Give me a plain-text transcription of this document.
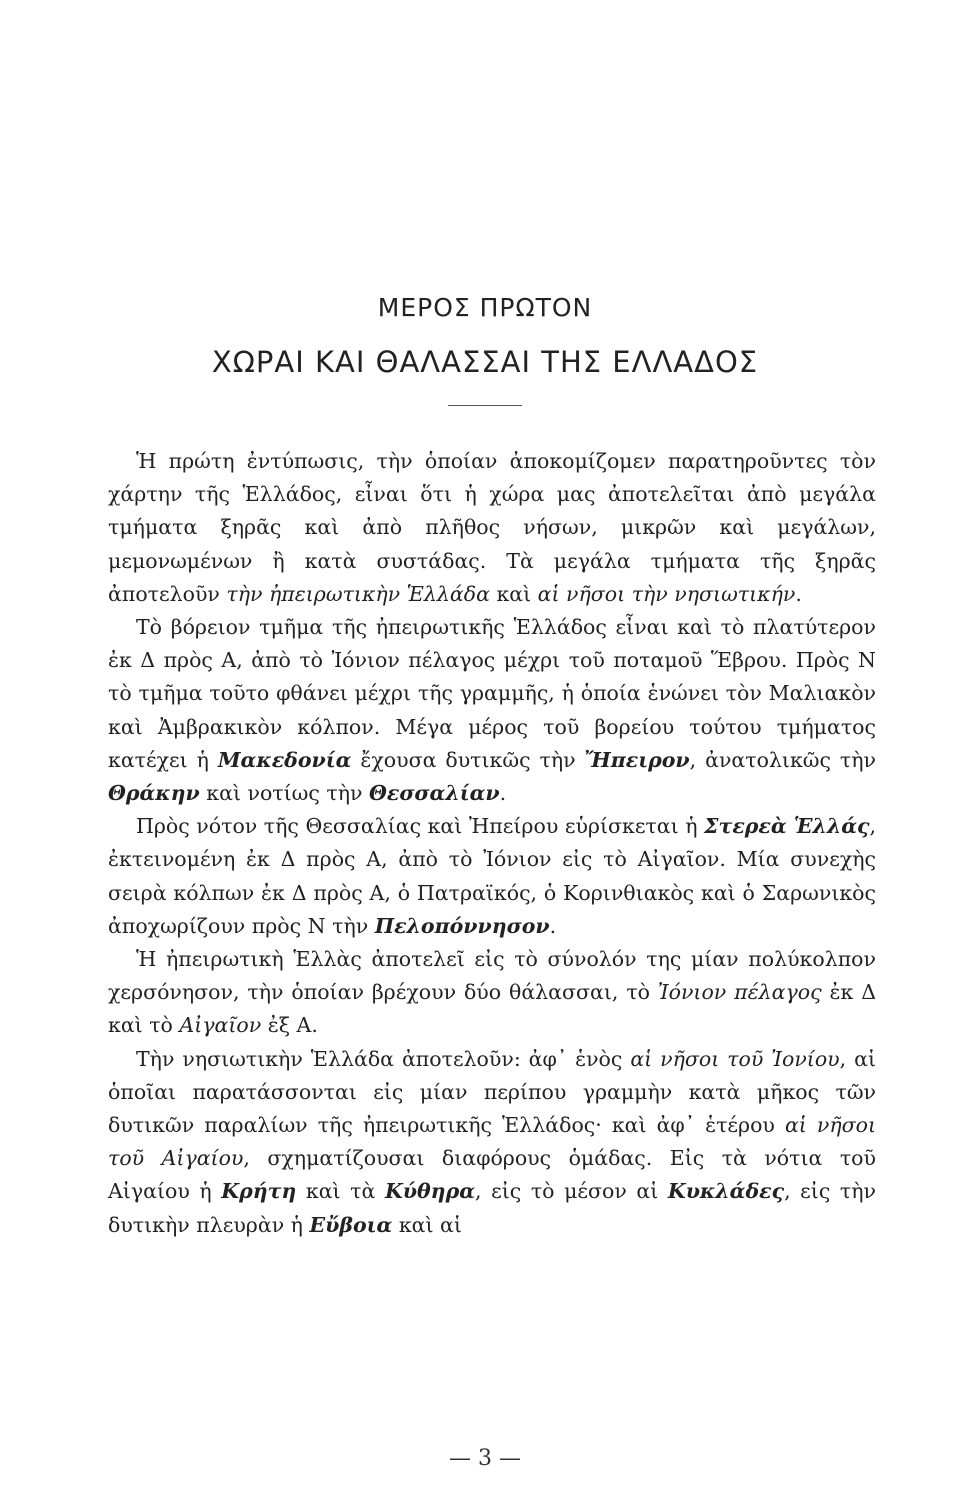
ΜΕΡΟΣ ΠΡΩΤΟΝ
ΧΩΡΑΙ ΚΑΙ ΘΑΛΑΣΣΑΙ ΤΗΣ ΕΛΛΑΔΟΣ

Ἡ πρώτη ἐντύπωσις, τὴν ὁποίαν ἀποκομίζομεν παρατηροῦντες τὸν χάρτην τῆς Ἑλλάδος, εἶναι ὅτι ἡ χώρα μας ἀποτελεῖται ἀπὸ μεγάλα τμήματα ξηρᾶς καὶ ἀπὸ πλῆθος νήσων, μικρῶν καὶ μεγάλων, μεμονωμένων ἢ κατὰ συστάδας. Τὰ μεγάλα τμήματα τῆς ξηρᾶς ἀποτελοῦν τὴν ἠπειρωτικὴν Ἑλλάδα καὶ αἱ νῆσοι τὴν νησιωτικήν.

Τὸ βόρειον τμῆμα τῆς ἠπειρωτικῆς Ἑλλάδος εἶναι καὶ τὸ πλατύτερον ἐκ Δ πρὸς Α, ἀπὸ τὸ Ἰόνιον πέλαγος μέχρι τοῦ ποταμοῦ Ἕβρου. Πρὸς Ν τὸ τμῆμα τοῦτο φθάνει μέχρι τῆς γραμμῆς, ἡ ὁποία ἑνώνει τὸν Μαλιακὸν καὶ Ἀμβρακικὸν κόλπον. Μέγα μέρος τοῦ βορείου τούτου τμήματος κατέχει ἡ Μακεδονία ἔχουσα δυτικῶς τὴν Ἤπειρον, ἀνατολικῶς τὴν Θράκην καὶ νοτίως τὴν Θεσσαλίαν.

Πρὸς νότον τῆς Θεσσαλίας καὶ Ἠπείρου εὑρίσκεται ἡ Στερεὰ Ἑλλάς, ἐκτεινομένη ἐκ Δ πρὸς Α, ἀπὸ τὸ Ἰόνιον εἰς τὸ Αἰγαῖον. Μία συνεχὴς σειρὰ κόλπων ἐκ Δ πρὸς Α, ὁ Πατραϊκός, ὁ Κορινθιακὸς καὶ ὁ Σαρωνικὸς ἀποχωρίζουν πρὸς Ν τὴν Πελοπόννησον.

Ἡ ἠπειρωτικὴ Ἑλλὰς ἀποτελεῖ εἰς τὸ σύνολόν της μίαν πολύκολπον χερσόνησον, τὴν ὁποίαν βρέχουν δύο θάλασσαι, τὸ Ἰόνιον πέλαγος ἐκ Δ καὶ τὸ Αἰγαῖον ἐξ Α.

Τὴν νησιωτικὴν Ἑλλάδα ἀποτελοῦν: ἀφ᾽ ἑνὸς αἱ νῆσοι τοῦ Ἰονίου, αἱ ὁποῖαι παρατάσσονται εἰς μίαν περίπου γραμμὴν κατὰ μῆκος τῶν δυτικῶν παραλίων τῆς ἠπειρωτικῆς Ἑλλάδος· καὶ ἀφ᾽ ἑτέρου αἱ νῆσοι τοῦ Αἰγαίου, σχηματίζουσαι διαφόρους ὁμάδας. Εἰς τὰ νότια τοῦ Αἰγαίου ἡ Κρήτη καὶ τὰ Κύθηρα, εἰς τὸ μέσον αἱ Κυκλάδες, εἰς τὴν δυτικὴν πλευρὰν ἡ Εὔβοια καὶ αἱ

— 3 —
